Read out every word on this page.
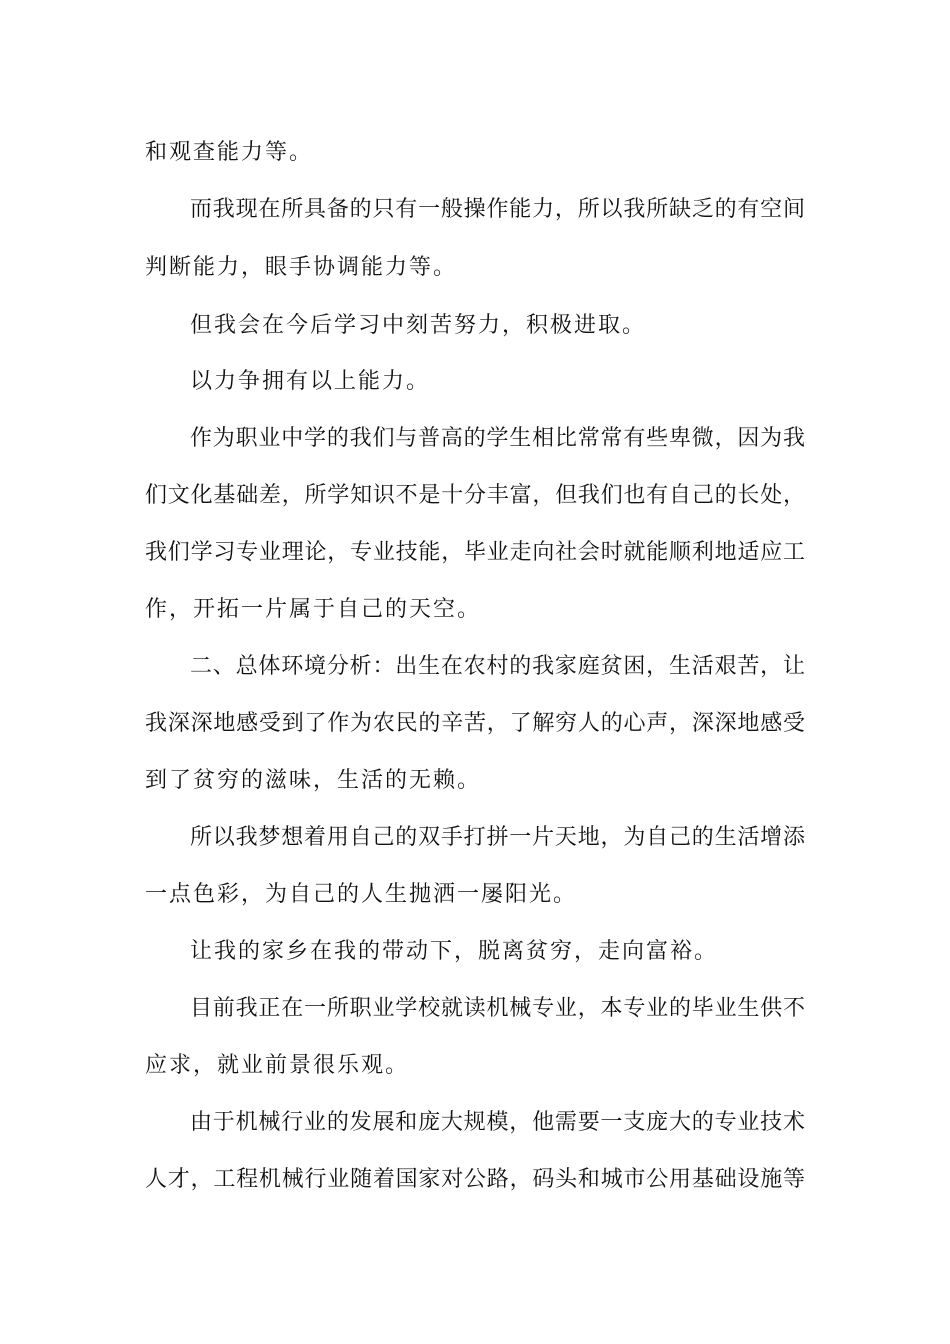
和观查能力等。
而我现在所具备的只有一般操作能力，所以我所缺乏的有空间
判断能力，眼手协调能力等。
但我会在今后学习中刻苦努力，积极进取。
以力争拥有以上能力。
作为职业中学的我们与普高的学生相比常常有些卑微，因为我
们文化基础差，所学知识不是十分丰富，但我们也有自己的长处，
我们学习专业理论，专业技能，毕业走向社会时就能顺利地适应工
作，开拓一片属于自己的天空。
二、总体环境分析：出生在农村的我家庭贫困，生活艰苦，让
我深深地感受到了作为农民的辛苦，了解穷人的心声，深深地感受
到了贫穷的滋味，生活的无赖。
所以我梦想着用自己的双手打拼一片天地，为自己的生活增添
一点色彩，为自己的人生抛洒一屡阳光。
让我的家乡在我的带动下，脱离贫穷，走向富裕。
目前我正在一所职业学校就读机械专业，本专业的毕业生供不
应求，就业前景很乐观。
由于机械行业的发展和庞大规模，他需要一支庞大的专业技术
人才，工程机械行业随着国家对公路，码头和城市公用基础设施等
